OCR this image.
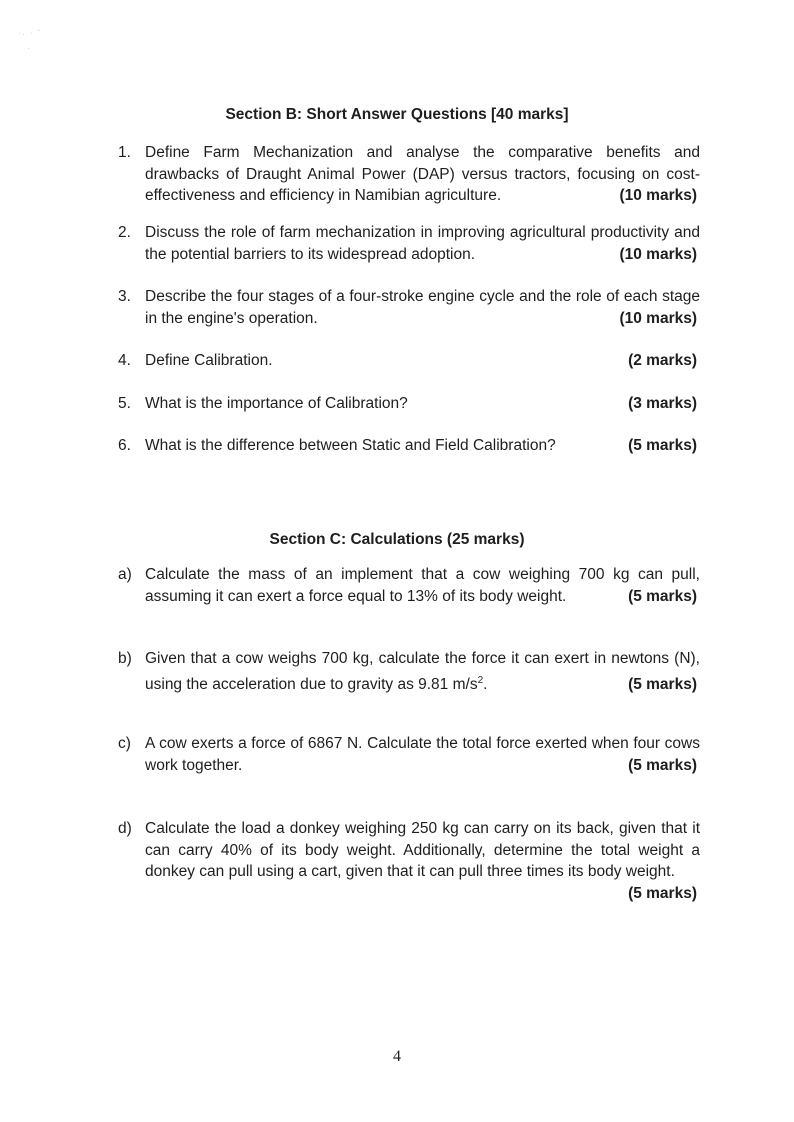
· .   ·   ʻ

.
Section B: Short Answer Questions [40 marks]
1. Define Farm Mechanization and analyse the comparative benefits and drawbacks of Draught Animal Power (DAP) versus tractors, focusing on cost-effectiveness and efficiency in Namibian agriculture.	(10 marks)
2. Discuss the role of farm mechanization in improving agricultural productivity and the potential barriers to its widespread adoption.	(10 marks)
3. Describe the four stages of a four-stroke engine cycle and the role of each stage in the engine's operation.	(10 marks)
4. Define Calibration.	(2 marks)
5. What is the importance of Calibration?	(3 marks)
6. What is the difference between Static and Field Calibration?	(5 marks)
Section C: Calculations (25 marks)
a) Calculate the mass of an implement that a cow weighing 700 kg can pull, assuming it can exert a force equal to 13% of its body weight.	(5 marks)
b) Given that a cow weighs 700 kg, calculate the force it can exert in newtons (N), using the acceleration due to gravity as 9.81 $m/s^2$.	(5 marks)
c) A cow exerts a force of 6867 N. Calculate the total force exerted when four cows work together.	(5 marks)
d) Calculate the load a donkey weighing 250 kg can carry on its back, given that it can carry 40% of its body weight. Additionally, determine the total weight a donkey can pull using a cart, given that it can pull three times its body weight.
(5 marks)
4
